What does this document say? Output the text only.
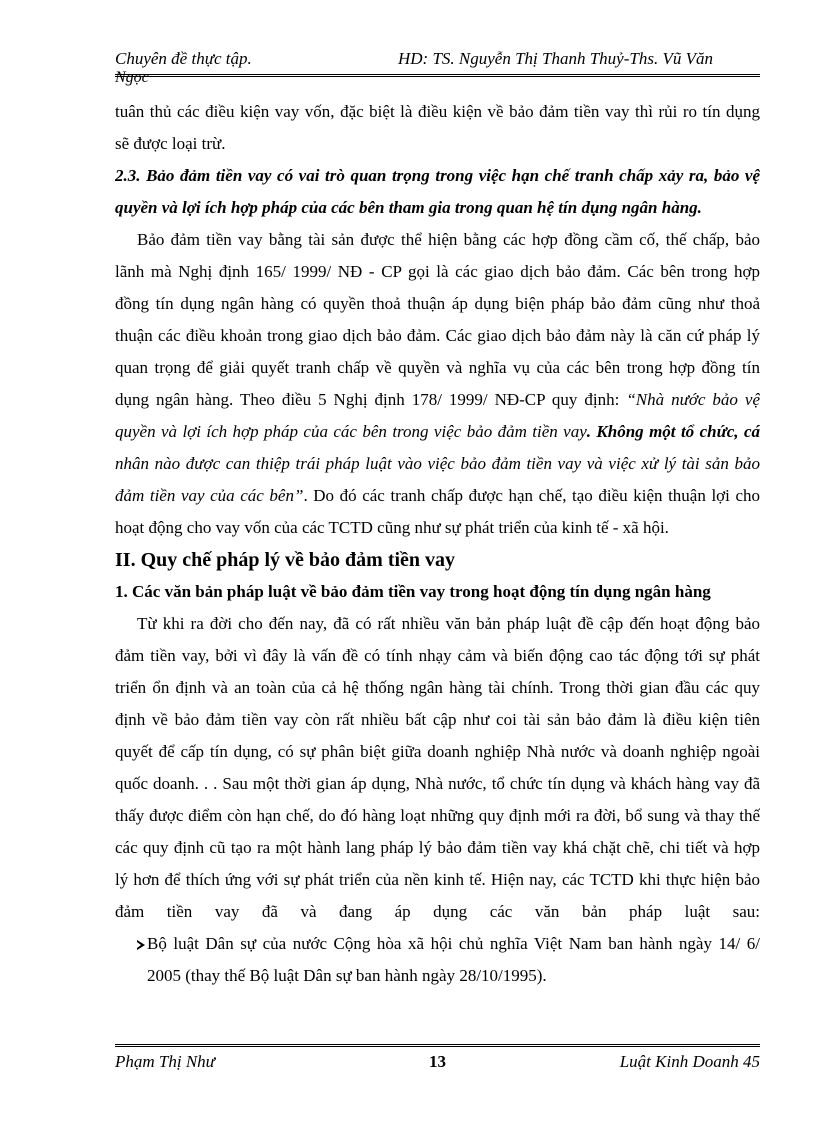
Chuyên đề thực tập.	HD: TS. Nguyễn Thị Thanh Thuỷ-Ths. Vũ Văn
Ngọc
tuân thủ các điều kiện vay vốn, đặc biệt là điều kiện về bảo đảm tiền vay thì rủi ro tín dụng
sẽ được loại trừ.
2.3. Bảo đảm tiền vay có vai trò quan trọng trong việc hạn chế tranh chấp xảy ra, bảo vệ
quyền và lợi ích hợp pháp của các bên tham gia trong quan hệ tín dụng ngân hàng.
Bảo đảm tiền vay bằng tài sản được thể hiện bằng các hợp đồng cầm cố, thế chấp, bảo
lãnh mà Nghị định 165/ 1999/ NĐ - CP gọi là các giao dịch bảo đảm. Các bên trong hợp
đồng tín dụng ngân hàng có quyền thoả thuận áp dụng biện pháp bảo đảm cũng như thoả
thuận các điều khoản trong giao dịch bảo đảm. Các giao dịch bảo đảm này là căn cứ pháp lý
quan trọng để giải quyết tranh chấp về quyền và nghĩa vụ của các bên trong hợp đồng tín
dụng ngân hàng. Theo điều 5 Nghị định 178/ 1999/ NĐ-CP quy định: “Nhà nước bảo vệ
quyền và lợi ích hợp pháp của các bên trong việc bảo đảm tiền vay. Không một tổ chức, cá
nhân nào được can thiệp trái pháp luật vào việc bảo đảm tiền vay và việc xử lý tài sản bảo
đảm tiền vay của các bên”. Do đó các tranh chấp được hạn chế, tạo điều kiện thuận lợi cho
hoạt động cho vay vốn của các TCTD cũng như sự phát triển của kinh tế - xã hội.
II. Quy chế pháp lý về bảo đảm tiền vay
1. Các văn bản pháp luật về bảo đảm tiền vay trong hoạt động tín dụng ngân hàng
Từ khi ra đời cho đến nay, đã có rất nhiều văn bản pháp luật đề cập đến hoạt động bảo
đảm tiền vay, bởi vì đây là vấn đề có tính nhạy cảm và biến động cao tác động tới sự phát
triển ổn định và an toàn của cả hệ thống ngân hàng tài chính. Trong thời gian đầu các quy
định về bảo đảm tiền vay còn rất nhiều bất cập như coi tài sản bảo đảm là điều kiện tiên
quyết để cấp tín dụng, có sự phân biệt giữa doanh nghiệp Nhà nước và doanh nghiệp ngoài
quốc doanh. . . Sau một thời gian áp dụng, Nhà nước, tổ chức tín dụng và khách hàng vay đã
thấy được điểm còn hạn chế, do đó hàng loạt những quy định mới ra đời, bổ sung và thay thế
các quy định cũ tạo ra một hành lang pháp lý bảo đảm tiền vay khá chặt chẽ, chi tiết và hợp
lý hơn để thích ứng với sự phát triển của nền kinh tế. Hiện nay, các TCTD khi thực hiện bảo
đảm tiền vay đã và đang áp dụng các văn bản pháp luật sau:
Bộ luật Dân sự của nước Cộng hòa xã hội chủ nghĩa Việt Nam ban hành ngày 14/ 6/
2005 (thay thế Bộ luật Dân sự ban hành ngày 28/10/1995).
Phạm Thị Như	13	Luật Kinh Doanh 45
